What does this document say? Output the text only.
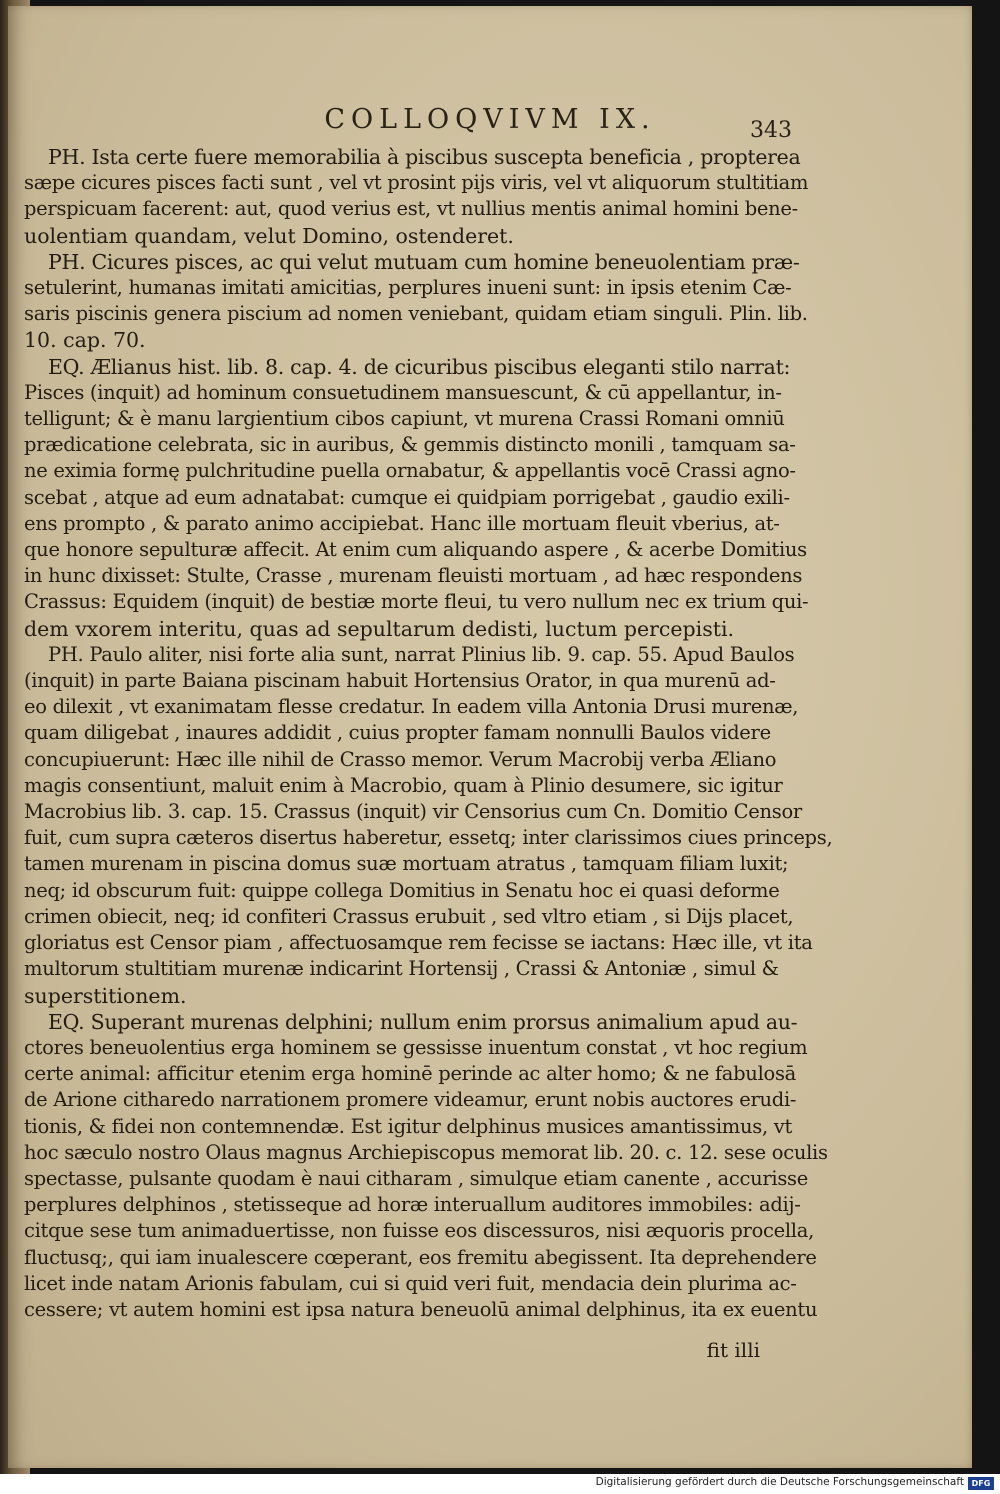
COLLOQVIVM IX.	343
PH. Ista certe fuere memorabilia à piscibus suscepta beneficia , propterea
sæpe cicures pisces facti sunt , vel vt prosint pijs viris, vel vt aliquorum stultitiam
perspicuam facerent: aut, quod verius est, vt nullius mentis animal homini bene-
uolentiam quandam, velut Domino, ostenderet.
PH. Cicures pisces, ac qui velut mutuam cum homine beneuolentiam præ-
setulerint, humanas imitati amicitias, perplures inueni sunt: in ipsis etenim Cæ-
saris piscinis genera piscium ad nomen veniebant, quidam etiam singuli. Plin. lib.
10. cap. 70.
EQ. Ælianus hist. lib. 8. cap. 4. de cicuribus piscibus eleganti stilo narrat:
Pisces (inquit) ad hominum consuetudinem mansuescunt, & cū appellantur, in-
telligunt; & è manu largientium cibos capiunt, vt murena Crassi Romani omniū
prædicatione celebrata, sic in auribus, & gemmis distincto monili , tamquam sa-
ne eximia formę pulchritudine puella ornabatur, & appellantis vocē Crassi agno-
scebat , atque ad eum adnatabat: cumque ei quidpiam porrigebat , gaudio exili-
ens prompto , & parato animo accipiebat. Hanc ille mortuam fleuit vberius, at-
que honore sepulturæ affecit. At enim cum aliquando aspere , & acerbe Domitius
in hunc dixisset: Stulte, Crasse , murenam fleuisti mortuam , ad hæc respondens
Crassus: Equidem (inquit) de bestiæ morte fleui, tu vero nullum nec ex trium qui-
dem vxorem interitu, quas ad sepultarum dedisti, luctum percepisti.
PH. Paulo aliter, nisi forte alia sunt, narrat Plinius lib. 9. cap. 55. Apud Baulos
(inquit) in parte Baiana piscinam habuit Hortensius Orator, in qua murenū ad-
eo dilexit , vt exanimatam flesse credatur. In eadem villa Antonia Drusi murenæ,
quam diligebat , inaures addidit , cuius propter famam nonnulli Baulos videre
concupiuerunt: Hæc ille nihil de Crasso memor. Verum Macrobij verba Æliano
magis consentiunt, maluit enim à Macrobio, quam à Plinio desumere, sic igitur
Macrobius lib. 3. cap. 15. Crassus (inquit) vir Censorius cum Cn. Domitio Censor
fuit, cum supra cæteros disertus haberetur, essetq; inter clarissimos ciues princeps,
tamen murenam in piscina domus suæ mortuam atratus , tamquam filiam luxit;
neq; id obscurum fuit: quippe collega Domitius in Senatu hoc ei quasi deforme
crimen obiecit, neq; id confiteri Crassus erubuit , sed vltro etiam , si Dijs placet,
gloriatus est Censor piam , affectuosamque rem fecisse se iactans: Hæc ille, vt ita
multorum stultitiam murenæ indicarint Hortensij , Crassi & Antoniæ , simul &
superstitionem.
EQ. Superant murenas delphini; nullum enim prorsus animalium apud au-
ctores beneuolentius erga hominem se gessisse inuentum constat , vt hoc regium
certe animal: afficitur etenim erga hominē perinde ac alter homo; & ne fabulosā
de Arione citharedo narrationem promere videamur, erunt nobis auctores erudi-
tionis, & fidei non contemnendæ. Est igitur delphinus musices amantissimus, vt
hoc sæculo nostro Olaus magnus Archiepiscopus memorat lib. 20. c. 12. sese oculis
spectasse, pulsante quodam è naui citharam , simulque etiam canente , accurisse
perplures delphinos , stetisseque ad horæ interuallum auditores immobiles: adij-
citque sese tum animaduertisse, non fuisse eos discessuros, nisi æquoris procella,
fluctusq;, qui iam inualescere cœperant, eos fremitu abegissent. Ita deprehendere
licet inde natam Arionis fabulam, cui si quid veri fuit, mendacia dein plurima ac-
cessere; vt autem homini est ipsa natura beneuolū animal delphinus, ita ex euentu
fit illi
Digitalisierung gefördert durch die Deutsche Forschungsgemeinschaft DFG
